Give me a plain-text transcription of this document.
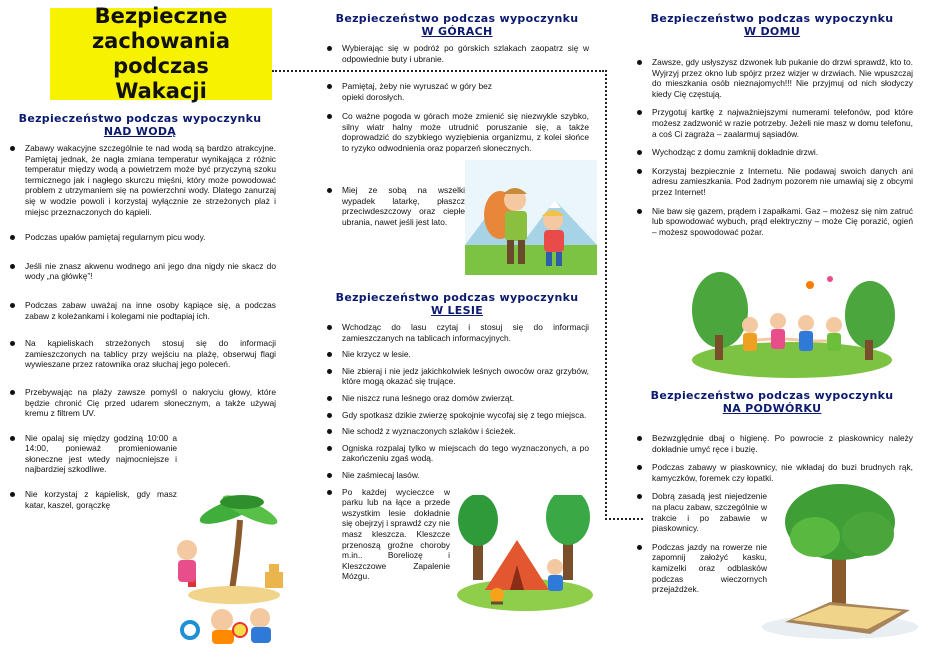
Bezpieczne
zachowania podczas
Wakacji
Bezpieczeństwo podczas wypoczynku
NAD WODĄ
Zabawy wakacyjne szczególnie te nad wodą są bardzo atrakcyjne. Pamiętaj jednak, że nagła zmiana temperatur wynikająca z różnic temperatur między wodą a powietrzem może być przyczyną szoku termicznego jak i nagłego skurczu mięśni, który może powodować problem z utrzymaniem się na powierzchni wody. Dlatego zanurzaj się w wodzie powoli i korzystaj wyłącznie ze strzeżonych plaż i miejsc przeznaczonych do kąpieli.
Podczas upałów pamiętaj regularnym picu wody.
Jeśli nie znasz akwenu wodnego ani jego dna nigdy nie skacz do wody „na główkę”!
Podczas zabaw uważaj na inne osoby kąpiące się, a podczas zabaw z koleżankami i kolegami nie podtapiaj ich.
Na kąpieliskach strzeżonych stosuj się do informacji zamieszczonych na tablicy przy wejściu na plażę, obserwuj flagi wywieszane przez ratownika oraz słuchaj jego poleceń.
Przebywając na plaży zawsze pomyśl o nakryciu głowy, które będzie chronić Cię przed udarem słonecznym, a także używaj kremu z filtrem UV.
Nie opalaj się między godziną 10:00 a 14:00, ponieważ promieniowanie słoneczne jest wtedy najmocniejsze i najbardziej szkodliwe.
Nie korzystaj z kąpielisk, gdy masz katar, kaszel, gorączkę
Bezpieczeństwo podczas wypoczynku
W GÓRACH
Wybierając się w podróż po górskich szlakach zaopatrz się w odpowiednie buty i ubranie.
Pamiętaj, żeby nie wyruszać w góry bez opieki dorosłych.
Co ważne pogoda w górach może zmienić się niezwykle szybko, silny wiatr halny może utrudnić poruszanie się, a także doprowadzić do szybkiego wyziębienia organizmu, z kolei słońce to ryzyko odwodnienia oraz poparzeń słonecznych.
Miej ze sobą na wszelki wypadek latarkę, płaszcz przeciwdeszczowy oraz ciepłe ubrania, nawet jeśli jest lato.
Bezpieczeństwo podczas wypoczynku
W LESIE
Wchodząc do lasu czytaj i stosuj się do informacji zamieszczanych na tablicach informacyjnych.
Nie krzycz w lesie.
Nie zbieraj i nie jedz jakichkolwiek leśnych owoców oraz grzybów, które mogą okazać się trujące.
Nie niszcz runa leśnego oraz domów zwierząt.
Gdy spotkasz dzikie zwierzę spokojnie wycofaj się z tego miejsca.
Nie schodź z wyznaczonych szlaków i ścieżek.
Ogniska rozpalaj tylko w miejscach do tego wyznaczonych, a po zakończeniu zgaś wodą.
Nie zaśmiecaj lasów.
Po każdej wycieczce w parku lub na łące a przede wszystkim lesie dokładnie się obejrzyj i sprawdź czy nie masz kleszcza. Kleszcze przenoszą groźne choroby m.in.. Boreliozę i Kleszczowe Zapalenie Mózgu.
Bezpieczeństwo podczas wypoczynku
W DOMU
Zawsze, gdy usłyszysz dzwonek lub pukanie do drzwi sprawdź, kto to. Wyjrzyj przez okno lub spójrz przez wizjer w drzwiach. Nie wpuszczaj do mieszkania osób nieznajomych!!! Nie przyjmuj od nich słodyczy kiedy Cię częstują.
Przygotuj kartkę z najważniejszymi numerami telefonów, pod które możesz zadzwonić w razie potrzeby. Jeżeli nie masz w domu telefonu, a coś Ci zagraża – zaalarmuj sąsiadów.
Wychodząc z domu zamknij dokładnie drzwi.
Korzystaj bezpiecznie z Internetu. Nie podawaj swoich danych ani adresu zamieszkania. Pod żadnym pozorem nie umawiaj się z obcymi przez Internet!
Nie baw się gazem, prądem i zapałkami. Gaz – możesz się nim zatruć lub spowodować wybuch, prąd elektryczny – może Cię porazić, ogień – możesz spowodować pożar.
Bezpieczeństwo podczas wypoczynku
NA PODWÓRKU
Bezwzględnie dbaj o higienę. Po powrocie z piaskownicy należy dokładnie umyć ręce i buzię.
Podczas zabawy w piaskownicy, nie wkładaj do buzi brudnych rąk, kamyczków, foremek czy łopatki.
Dobrą zasadą jest niejedzenie na placu zabaw, szczególnie w trakcie i po zabawie w piaskownicy.
Podczas jazdy na rowerze nie zapomnij założyć kasku, kamizelki oraz odblasków podczas wieczornych przejażdżek.
